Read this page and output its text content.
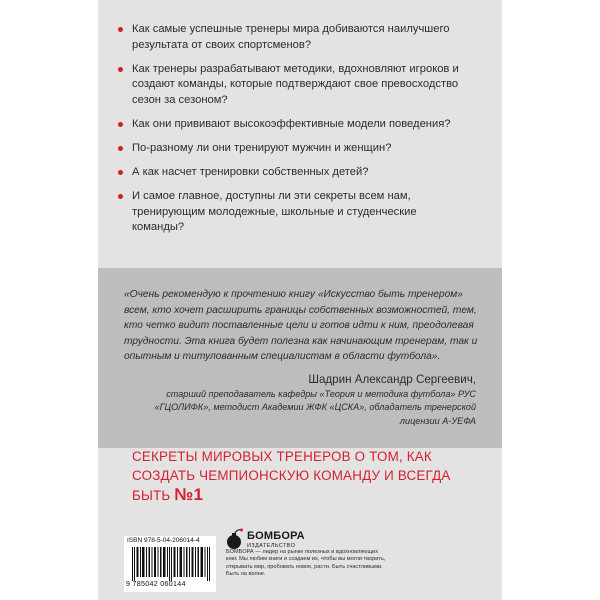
Как самые успешные тренеры мира добиваются наилучшего результата от своих спортсменов?
Как тренеры разрабатывают методики, вдохновляют игроков и создают команды, которые подтверждают свое превосходство сезон за сезоном?
Как они прививают высокоэффективные модели поведения?
По-разному ли они тренируют мужчин и женщин?
А как насчет тренировки собственных детей?
И самое главное, доступны ли эти секреты всем нам, тренирующим молодежные, школьные и студенческие команды?
«Очень рекомендую к прочтению книгу «Искусство быть тренером» всем, кто хочет расширить границы собственных возможностей, тем, кто четко видит поставленные цели и готов идти к ним, преодолевая трудности. Эта книга будет полезна как начинающим тренерам, так и опытным и титулованным специалистам в области футбола».
Шадрин Александр Сергеевич,
старший преподаватель кафедры «Теория и методика футбола» РУС «ГЦОЛИФК», методист Академии ЖФК «ЦСКА», обладатель тренерской лицензии А-УЕФА
СЕКРЕТЫ МИРОВЫХ ТРЕНЕРОВ О ТОМ, КАК СОЗДАТЬ ЧЕМПИОНСКУЮ КОМАНДУ И ВСЕГДА БЫТЬ №1
ISBN 978-5-04-206014-4
9 785042 060144
БОМБОРА
ИЗДАТЕЛЬСТВО
БОМБОРА — лидер на рынке полезных и вдохновляющих книг. Мы любим книги и создаем их, чтобы вы могли творить, открывать мир, пробовать новое, расти. Быть счастливыми. Быть на волне.
